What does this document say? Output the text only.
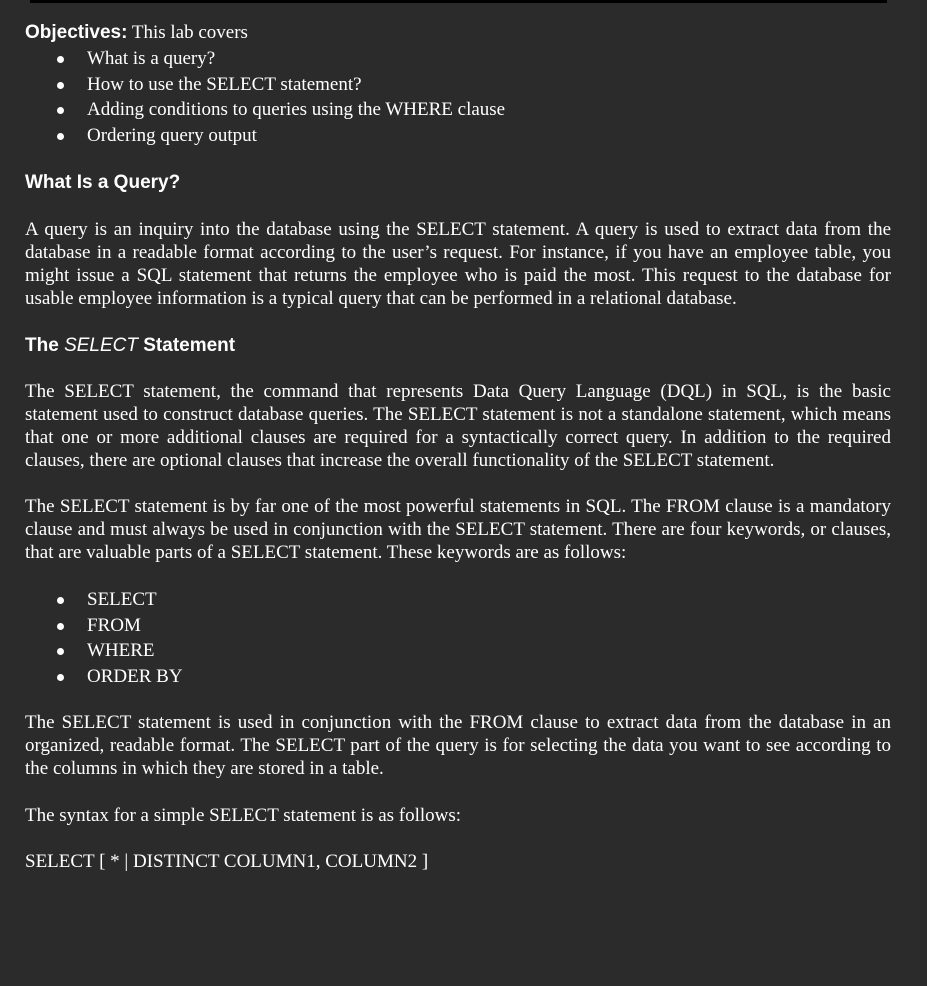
Objectives: This lab covers
What is a query?
How to use the SELECT statement?
Adding conditions to queries using the WHERE clause
Ordering query output
What Is a Query?

A query is an inquiry into the database using the SELECT statement. A query is used to extract data from the database in a readable format according to the user’s request. For instance, if you have an employee table, you might issue a SQL statement that returns the employee who is paid the most. This request to the database for usable employee information is a typical query that can be performed in a relational database.

The SELECT Statement

The SELECT statement, the command that represents Data Query Language (DQL) in SQL, is the basic statement used to construct database queries. The SELECT statement is not a standalone statement, which means that one or more additional clauses are required for a syntactically correct query. In addition to the required clauses, there are optional clauses that increase the overall functionality of the SELECT statement.

The SELECT statement is by far one of the most powerful statements in SQL. The FROM clause is a mandatory clause and must always be used in conjunction with the SELECT statement. There are four keywords, or clauses, that are valuable parts of a SELECT statement. These keywords are as follows:

SELECT
FROM
WHERE
ORDER BY

The SELECT statement is used in conjunction with the FROM clause to extract data from the database in an organized, readable format. The SELECT part of the query is for selecting the data you want to see according to the columns in which they are stored in a table.

The syntax for a simple SELECT statement is as follows:

SELECT [ * | DISTINCT COLUMN1, COLUMN2 ]
